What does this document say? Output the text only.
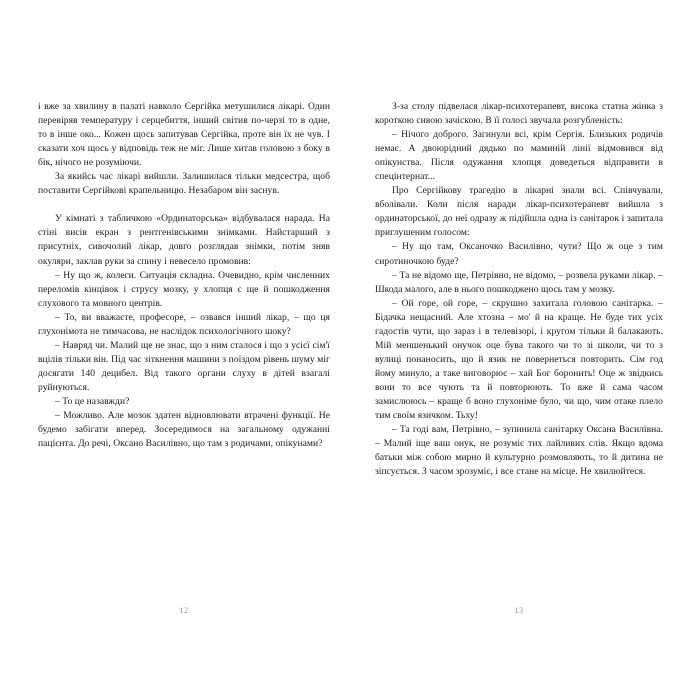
і вже за хвилину в палаті навколо Сергійка метушилися лікарі. Один перевіряв температуру і серцебиття, інший світив по-черзі то в одне, то в інше око... Кожен щось запитував Сергійка, проте він їх не чув. І сказати хоч щось у відповідь теж не міг. Лише хитав головою з боку в бік, нічого не розуміючи.

За якийсь час лікарі вийшли. Залишилася тільки медсестра, щоб поставити Сергійкові крапельницю. Незабаром він заснув.

У кімнаті з табличкою «Ординаторська» відбувалася нарада. На стіні висів екран з рентгенівськими знімками. Найстарший з присутніх, сивочолий лікар, довго розглядав знімки, потім зняв окуляри, заклав руки за спину і невесело промовив:

– Ну що ж, колеги. Ситуація складна. Очевидно, крім численних переломів кінцівок і струсу мозку, у хлопця є ще й пошкодження слухового та мовного центрів.

– То, ви вважаєте, професоре, – озвався інший лікар, – що ця глухонімота не тимчасова, не наслідок психологічного шоку?

– Навряд чи. Малий ще не знає, що з ним сталося і що з усієї сім'ї вцілів тільки він. Під час зіткнення машини з поїздом рівень шуму міг досягати 140 децибел. Від такого органи слуху в дітей взагалі руйнуються.

– То це назавжди?

– Можливо. Але мозок здатен відновлювати втрачені функції. Не будемо забігати вперед. Зосередимося на загальному одужанні пацієнта. До речі, Оксано Василівно, що там з родичами, опікунами?

12

З-за столу підвелася лікар-психотерапевт, висока статна жінка з короткою сивою зачіскою. В її голосі звучала розгубленість:

– Нічого доброго. Загинули всі, крім Сергія. Близьких родичів немає. А двоюрідний дядько по маминій лінії відмовився від опікунства. Після одужання хлопця доведеться відправити в спецінтернат...

Про Сергійкову трагедію в лікарні знали всі. Співчували, вболівали. Коли після наради лікар-психотерапевт вийшла з ординаторської, до неї одразу ж підійшла одна із санітарок і запитала приглушеним голосом:

– Ну що там, Оксаночко Василівно, чути? Що ж оце з тим сиротиночкою буде?

– Та не відомо ще, Петрівно, не відомо, – розвела руками лікар. – Шкода малого, але в нього пошкоджено щось там у мозку.

– Ой горе, ой горе, – скрушно захитала головою санітарка. – Бідачка нещасний. Але хтозна – мо' й на краще. Не буде тих усіх гадостів чути, що зараз і в телевізорі, і кругом тільки й балакають. Мій меншенький онучок оце бува такого чи то зі школи, чи то з вулиці понаносить, що й язик не повернеться повторить. Сім год йому минуло, а таке виговорює – хай Бог боронить! Оце ж звідкись вони то все чують та й повторюють. То вже й сама часом замислююсь – краще б воно глухоніме було, чи що, чим отаке плело тим своїм язичком. Тьху!

– Та годі вам, Петрівно, – зупинила санітарку Оксана Василівна. – Малий іще ваш онук, не розуміє тих лайливих слів. Якщо вдома батьки між собою мирно й культурно розмовляють, то й дитина не зіпсується. З часом зрозуміє, і все стане на місце. Не хвилюйтеся.

13
